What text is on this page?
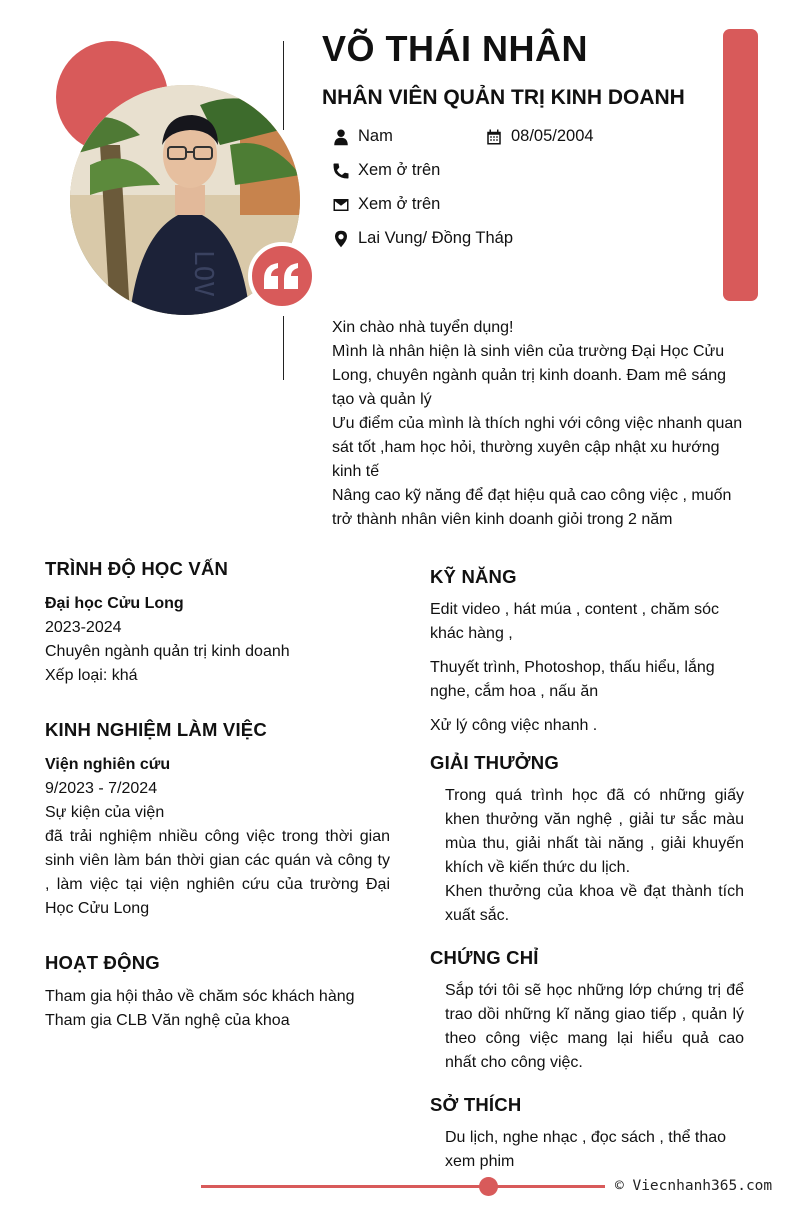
LOV
VÕ THÁI NHÂN
NHÂN VIÊN QUẢN TRỊ KINH DOANH
Nam	08/05/2004
Xem ở trên
Xem ở trên
Lai Vung/ Đồng Tháp
Xin chào nhà tuyển dụng!
Mình là nhân hiện là sinh viên của trường Đại Học Cửu Long, chuyên ngành quản trị kinh doanh. Đam mê sáng tạo và quản lý
Ưu điểm của mình là thích nghi với công việc nhanh quan sát tốt ,ham học hỏi, thường xuyên cập nhật xu hướng kinh tế
Nâng cao kỹ năng để đạt hiệu quả cao công việc , muốn trở thành nhân viên kinh doanh giỏi trong 2 năm
TRÌNH ĐỘ HỌC VẤN
Đại học Cửu Long
2023-2024
Chuyên ngành quản trị kinh doanh
Xếp loại: khá
KINH NGHIỆM LÀM VIỆC
Viện nghiên cứu
9/2023 - 7/2024
Sự kiện của viện
đã trải nghiệm nhiều công việc trong thời gian sinh viên làm bán thời gian các quán và công ty , làm việc tại viện nghiên cứu của trường Đại Học Cửu Long
HOẠT ĐỘNG
Tham gia hội thảo về chăm sóc khách hàng
Tham gia CLB Văn nghệ của khoa
KỸ NĂNG
Edit video , hát múa , content , chăm sóc khác hàng ,
Thuyết trình, Photoshop, thấu hiểu, lắng nghe, cắm hoa , nấu ăn
Xử lý công việc nhanh .
GIẢI THƯỞNG
Trong quá trình học đã có những giấy khen thưởng văn nghệ , giải tư sắc màu mùa thu, giải nhất tài năng , giải khuyến khích về kiến thức du lịch.
Khen thưởng của khoa về đạt thành tích xuất sắc.
CHỨNG CHỈ
Sắp tới tôi sẽ học những lớp chứng trị để trao dồi những kĩ năng giao tiếp , quản lý theo công việc mang lại hiểu quả cao nhất cho công việc.
SỞ THÍCH
Du lịch, nghe nhạc , đọc sách , thể thao xem phim
© Viecnhanh365.com
